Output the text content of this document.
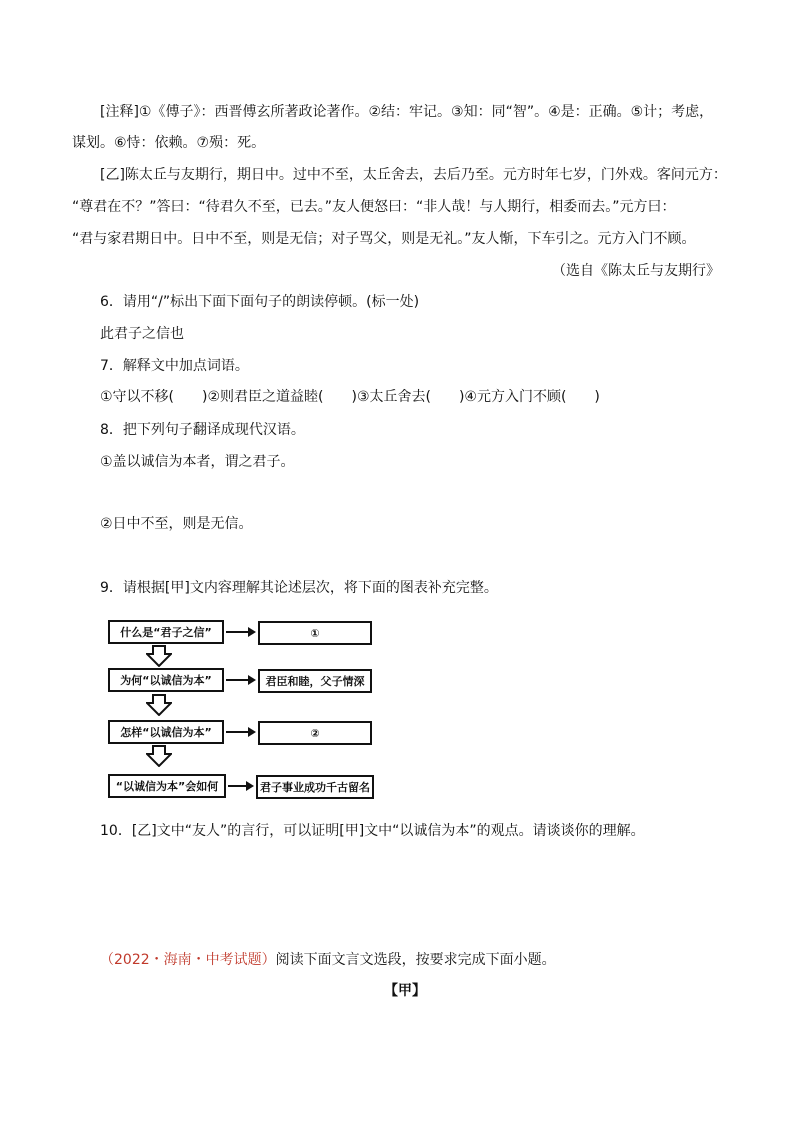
[注释]①《傅子》：西晋傅玄所著政论著作。②结：牢记。③知：同“智”。④是：正确。⑤计；考虑，
谋划。⑥恃：依赖。⑦殒：死。
[乙]陈太丘与友期行，期日中。过中不至，太丘舍去，去后乃至。元方时年七岁，门外戏。客问元方：
“尊君在不？”答曰：“待君久不至，已去。”友人便怒曰：“非人哉！与人期行，相委而去。”元方曰：
“君与家君期日中。日中不至，则是无信；对子骂父，则是无礼。”友人惭，下车引之。元方入门不顾。
（选自《陈太丘与友期行》
6．请用“/”标出下面下面句子的朗读停顿。(标一处)
此君子之信也
7．解释文中加点词语。
①守以不移(　　)②则君臣之道益睦(　　)③太丘舍去(　　)④元方入门不顾(　　)
8．把下列句子翻译成现代汉语。
①盖以诚信为本者，谓之君子。
②日中不至，则是无信。
9．请根据[甲]文内容理解其论述层次，将下面的图表补充完整。
什么是“君子之信”	①
为何“以诚信为本”	君臣和睦，父子情深
怎样“以诚信为本”	②
“以诚信为本”会如何	君子事业成功千古留名
10．[乙]文中“友人”的言行，可以证明[甲]文中“以诚信为本”的观点。请谈谈你的理解。
（2022・海南・中考试题）阅读下面文言文选段，按要求完成下面小题。
【甲】
